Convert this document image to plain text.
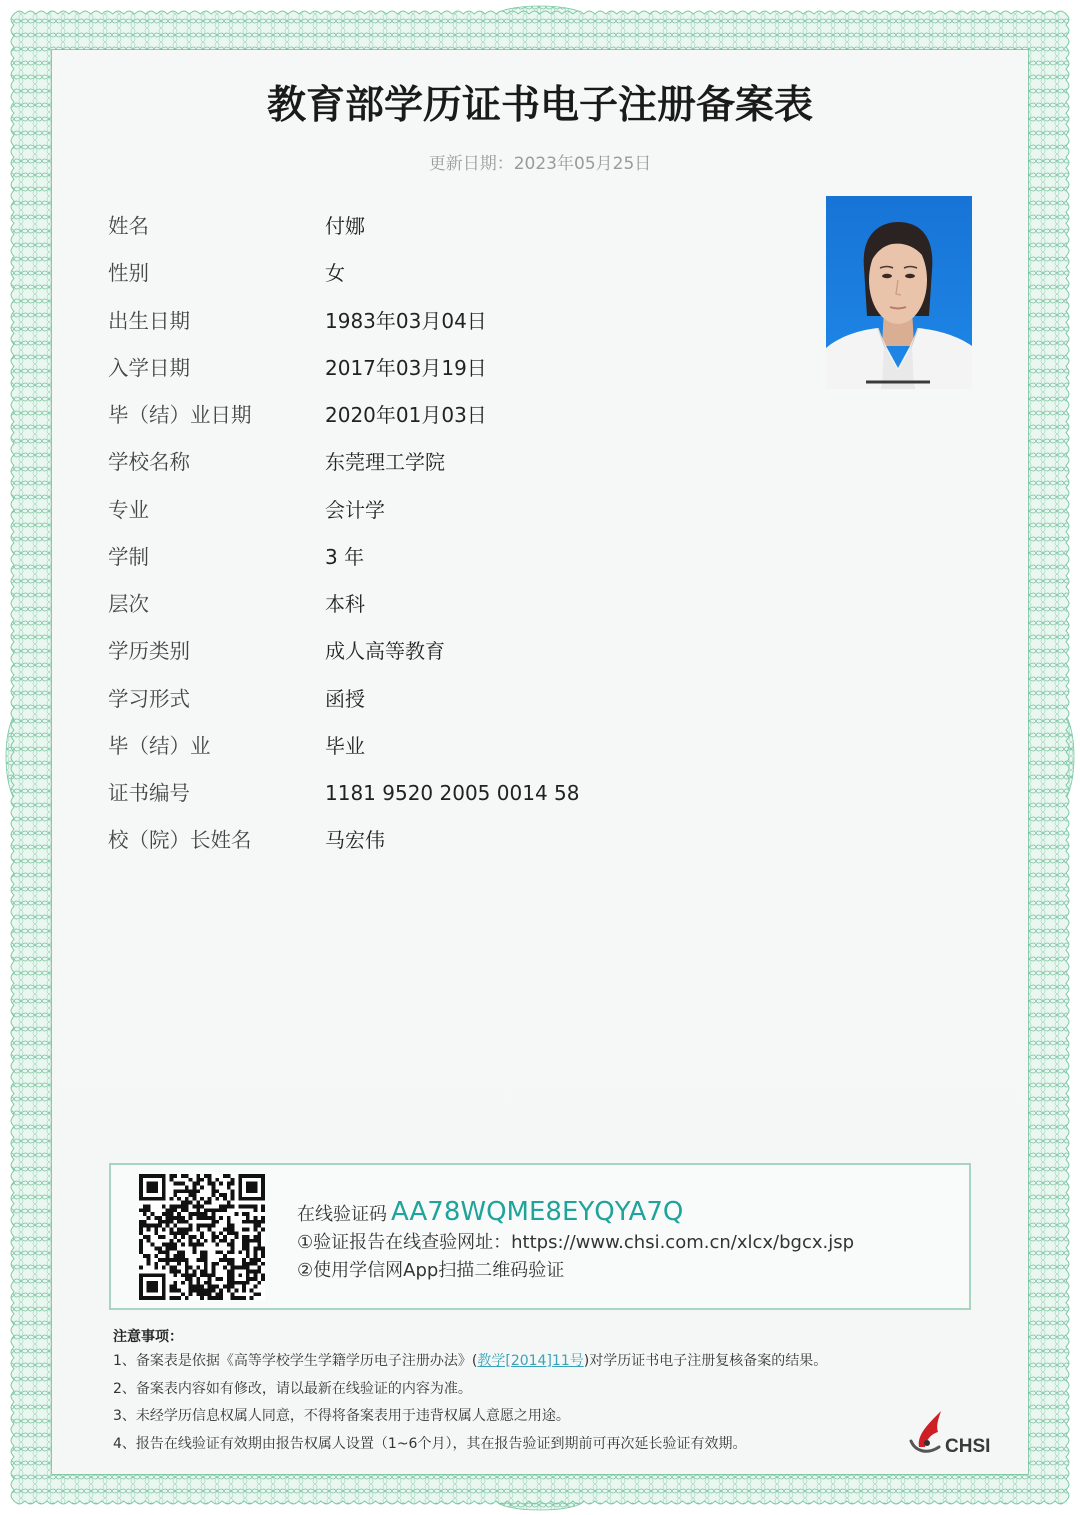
教育部学历证书电子注册备案表
更新日期：2023年05月25日
姓名	付娜
性别	女
出生日期	1983年03月04日
入学日期	2017年03月19日
毕（结）业日期	2020年01月03日
学校名称	东莞理工学院
专业	会计学
学制	3 年
层次	本科
学历类别	成人高等教育
学习形式	函授
毕（结）业	毕业
证书编号	1181 9520 2005 0014 58
校（院）长姓名	马宏伟
在线验证码 AA78WQME8EYQYA7Q
①验证报告在线查验网址：https://www.chsi.com.cn/xlcx/bgcx.jsp
②使用学信网App扫描二维码验证
注意事项：
1、备案表是依据《高等学校学生学籍学历电子注册办法》(教学[2014]11号)对学历证书电子注册复核备案的结果。
2、备案表内容如有修改，请以最新在线验证的内容为准。
3、未经学历信息权属人同意，不得将备案表用于违背权属人意愿之用途。
4、报告在线验证有效期由报告权属人设置（1~6个月），其在报告验证到期前可再次延长验证有效期。	CHSI
